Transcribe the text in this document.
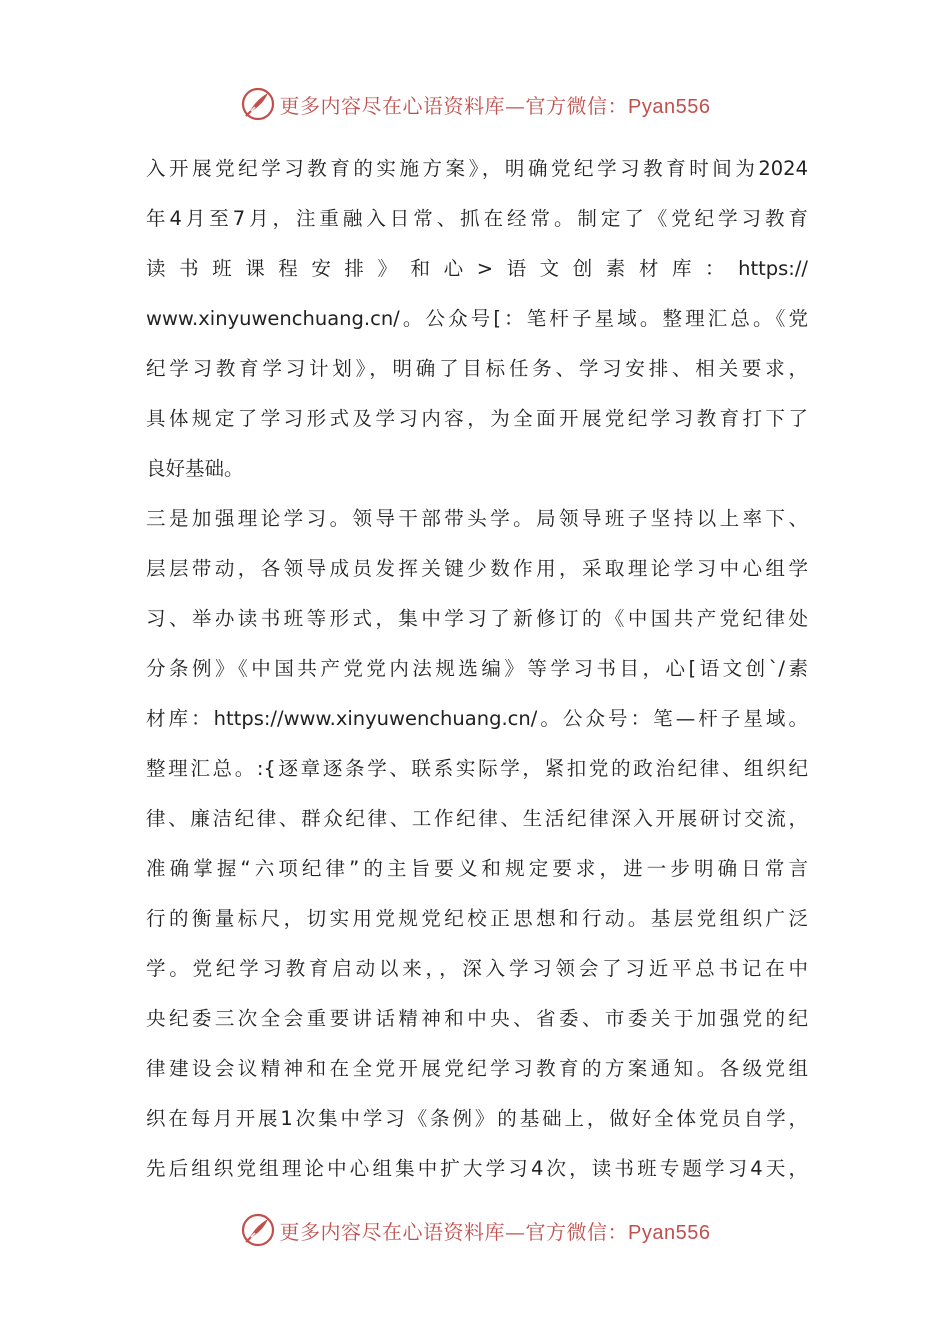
更多内容尽在心语资料库—官方微信：Pyan556
入开展党纪学习教育的实施方案》，明确党纪学习教育时间为2024
年4月至7月，注重融入日常、抓在经常。制定了《党纪学习教育
读书班课程安排》和心>语文创素材库：https://
www.xinyuwenchuang.cn/。公众号[：笔杆子星域。整理汇总。《党
纪学习教育学习计划》，明确了目标任务、学习安排、相关要求，
具体规定了学习形式及学习内容，为全面开展党纪学习教育打下了
良好基础。
三是加强理论学习。领导干部带头学。局领导班子坚持以上率下、
层层带动，各领导成员发挥关键少数作用，采取理论学习中心组学
习、举办读书班等形式，集中学习了新修订的《中国共产党纪律处
分条例》《中国共产党党内法规选编》等学习书目，心[语文创`/素
材库：https://www.xinyuwenchuang.cn/。公众号：笔—杆子星域。
整理汇总。:{逐章逐条学、联系实际学，紧扣党的政治纪律、组织纪
律、廉洁纪律、群众纪律、工作纪律、生活纪律深入开展研讨交流，
准确掌握“六项纪律”的主旨要义和规定要求，进一步明确日常言
行的衡量标尺，切实用党规党纪校正思想和行动。基层党组织广泛
学。党纪学习教育启动以来，，深入学习领会了习近平总书记在中
央纪委三次全会重要讲话精神和中央、省委、市委关于加强党的纪
律建设会议精神和在全党开展党纪学习教育的方案通知。各级党组
织在每月开展1次集中学习《条例》的基础上，做好全体党员自学，
先后组织党组理论中心组集中扩大学习4次，读书班专题学习4天，
更多内容尽在心语资料库—官方微信：Pyan556
